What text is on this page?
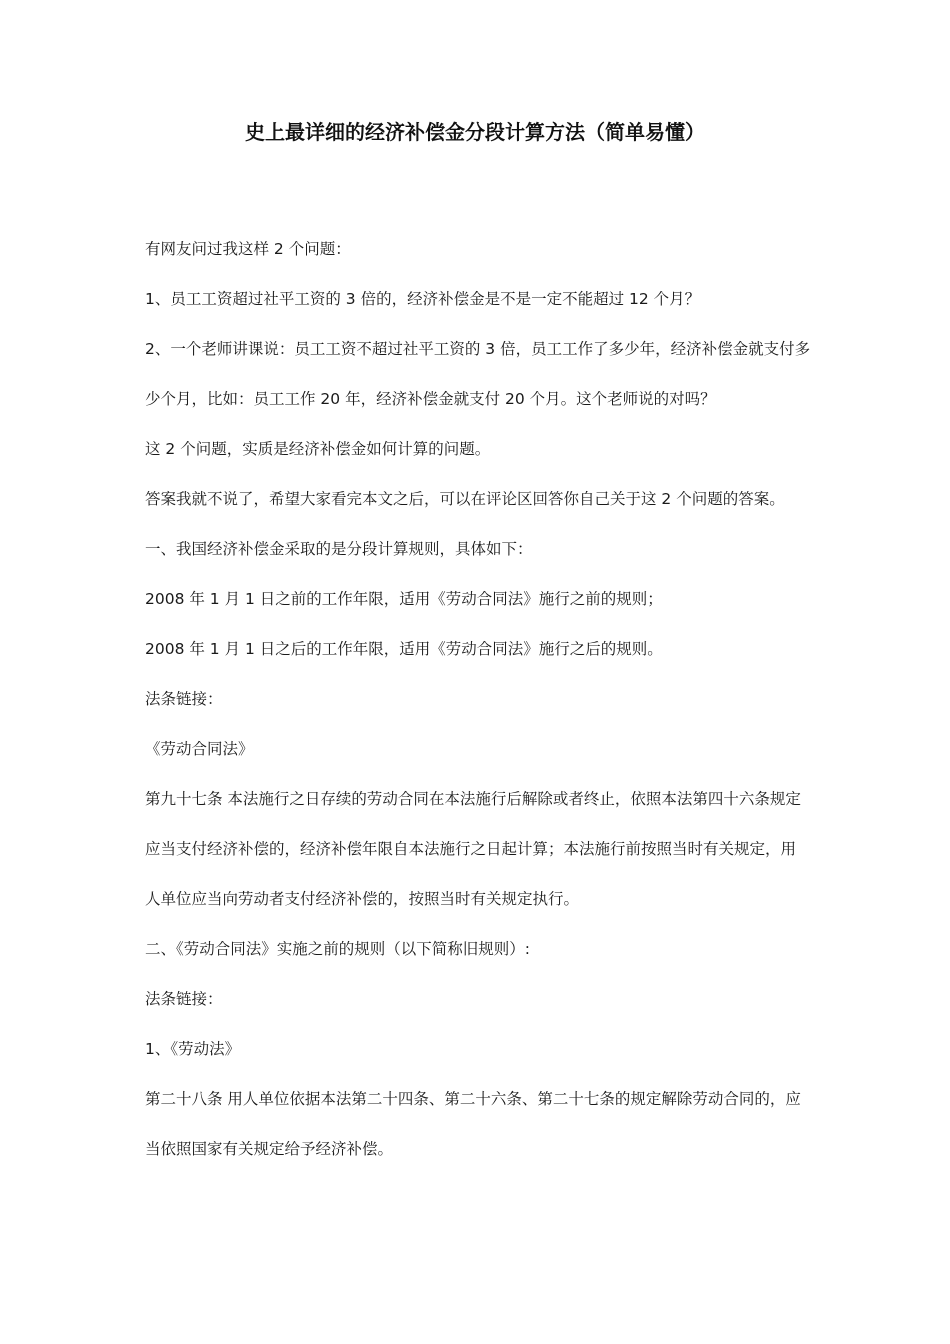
史上最详细的经济补偿金分段计算方法（简单易懂）

有网友问过我这样 2 个问题：

1、员工工资超过社平工资的 3 倍的，经济补偿金是不是一定不能超过 12 个月？

2、一个老师讲课说：员工工资不超过社平工资的 3 倍，员工工作了多少年，经济补偿金就支付多少个月，比如：员工工作 20 年，经济补偿金就支付 20 个月。这个老师说的对吗？

这 2 个问题，实质是经济补偿金如何计算的问题。

答案我就不说了，希望大家看完本文之后，可以在评论区回答你自己关于这 2 个问题的答案。

一、我国经济补偿金采取的是分段计算规则，具体如下：

2008 年 1 月 1 日之前的工作年限，适用《劳动合同法》施行之前的规则；

2008 年 1 月 1 日之后的工作年限，适用《劳动合同法》施行之后的规则。

法条链接：

《劳动合同法》

第九十七条 本法施行之日存续的劳动合同在本法施行后解除或者终止，依照本法第四十六条规定应当支付经济补偿的，经济补偿年限自本法施行之日起计算；本法施行前按照当时有关规定，用人单位应当向劳动者支付经济补偿的，按照当时有关规定执行。

二、《劳动合同法》实施之前的规则（以下简称旧规则）:

法条链接：

1、《劳动法》

第二十八条 用人单位依据本法第二十四条、第二十六条、第二十七条的规定解除劳动合同的，应当依照国家有关规定给予经济补偿。
